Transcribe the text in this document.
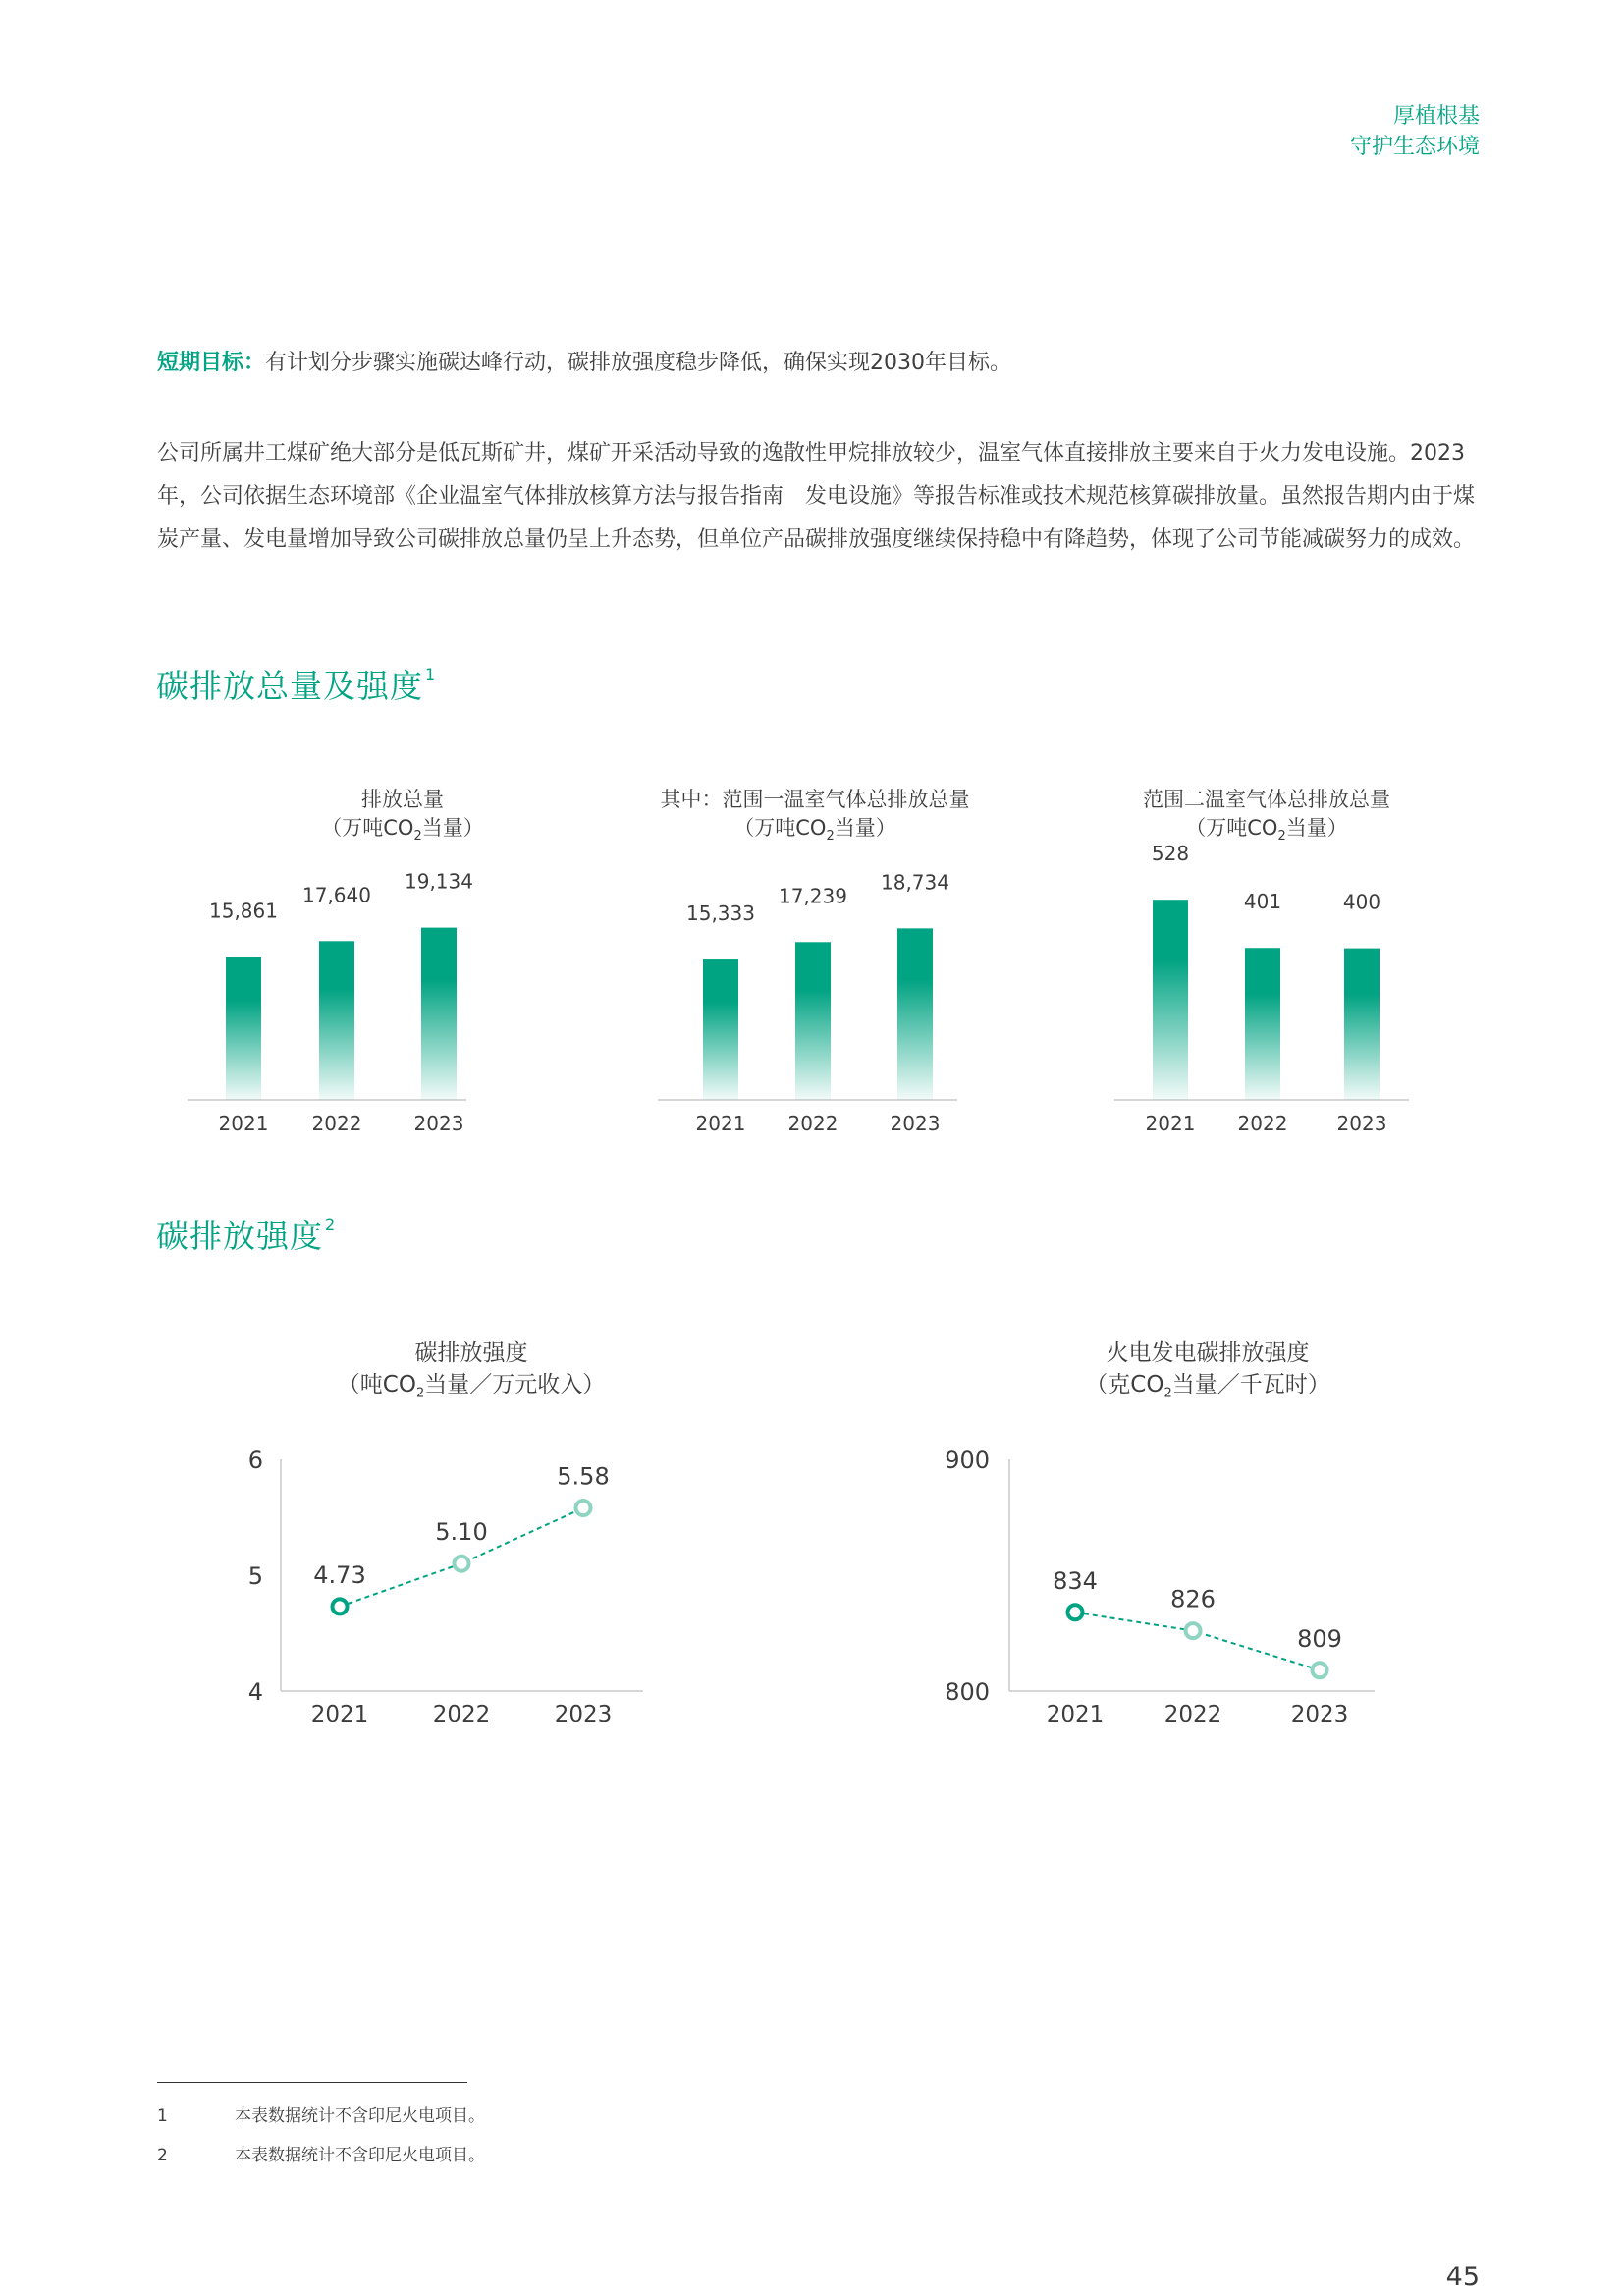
厚植根基
守护生态环境

短期目标：有计划分步骤实施碳达峰行动，碳排放强度稳步降低，确保实现2030年目标。

公司所属井工煤矿绝大部分是低瓦斯矿井，煤矿开采活动导致的逸散性甲烷排放较少，温室气体直接排放主要来自于火力发电设施。2023年，公司依据生态环境部《企业温室气体排放核算方法与报告指南　发电设施》等报告标准或技术规范核算碳排放量。虽然报告期内由于煤炭产量、发电量增加导致公司碳排放总量仍呈上升态势，但单位产品碳排放强度继续保持稳中有降趋势，体现了公司节能减碳努力的成效。

碳排放总量及强度 $^1$
排放总量
（万吨$CO_2$当量）
其中：范围一温室气体总排放总量
（万吨$CO_2$当量）
范围二温室气体总排放总量
（万吨$CO_2$当量）
15,861
2021
17,640
2022
19,134
2023
15,333
2021
17,239
2022
18,734
2023
528
2021
401
2022
400
2023
碳排放强度 $^2$
碳排放强度
（吨$CO_2$当量／万元收入）
火电发电碳排放强度
（克$CO_2$当量／千瓦时）
4
5
6
4.73
2021
5.10
2022
5.58
2023
800
900
834
2021
826
2022
809
2023
1	本表数据统计不含印尼火电项目。
2	本表数据统计不含印尼火电项目。
45
